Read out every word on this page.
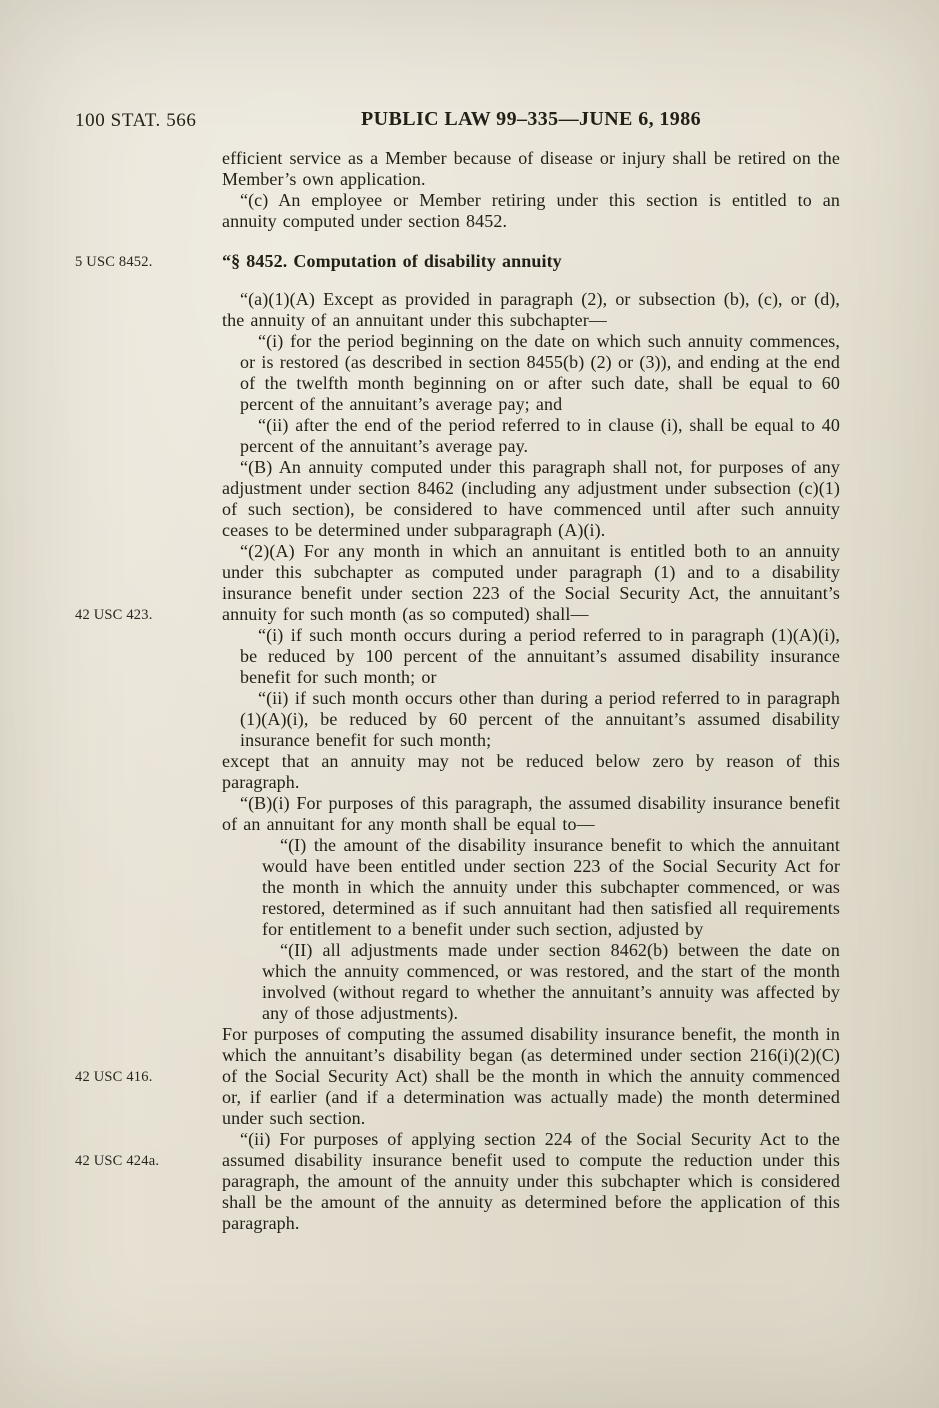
100 STAT. 566	PUBLIC LAW 99–335—JUNE 6, 1986
5 USC 8452.
42 USC 423.
42 USC 416.
42 USC 424a.

efficient service as a Member because of disease or injury shall be retired on the Member’s own application.

“(c) An employee or Member retiring under this section is entitled to an annuity computed under section 8452.

“§ 8452. Computation of disability annuity

“(a)(1)(A) Except as provided in paragraph (2), or subsection (b), (c), or (d), the annuity of an annuitant under this subchapter—

“(i) for the period beginning on the date on which such annuity commences, or is restored (as described in section 8455(b) (2) or (3)), and ending at the end of the twelfth month beginning on or after such date, shall be equal to 60 percent of the annuitant’s average pay; and

“(ii) after the end of the period referred to in clause (i), shall be equal to 40 percent of the annuitant’s average pay.

“(B) An annuity computed under this paragraph shall not, for purposes of any adjustment under section 8462 (including any adjustment under subsection (c)(1) of such section), be considered to have commenced until after such annuity ceases to be determined under subparagraph (A)(i).

“(2)(A) For any month in which an annuitant is entitled both to an annuity under this subchapter as computed under paragraph (1) and to a disability insurance benefit under section 223 of the Social Security Act, the annuitant’s annuity for such month (as so computed) shall—

“(i) if such month occurs during a period referred to in paragraph (1)(A)(i), be reduced by 100 percent of the annuitant’s assumed disability insurance benefit for such month; or

“(ii) if such month occurs other than during a period referred to in paragraph (1)(A)(i), be reduced by 60 percent of the annuitant’s assumed disability insurance benefit for such month;

except that an annuity may not be reduced below zero by reason of this paragraph.

“(B)(i) For purposes of this paragraph, the assumed disability insurance benefit of an annuitant for any month shall be equal to—

“(I) the amount of the disability insurance benefit to which the annuitant would have been entitled under section 223 of the Social Security Act for the month in which the annuity under this subchapter commenced, or was restored, determined as if such annuitant had then satisfied all requirements for entitlement to a benefit under such section, adjusted by

“(II) all adjustments made under section 8462(b) between the date on which the annuity commenced, or was restored, and the start of the month involved (without regard to whether the annuitant’s annuity was affected by any of those adjustments).

For purposes of computing the assumed disability insurance benefit, the month in which the annuitant’s disability began (as determined under section 216(i)(2)(C) of the Social Security Act) shall be the month in which the annuity commenced or, if earlier (and if a determination was actually made) the month determined under such section.

“(ii) For purposes of applying section 224 of the Social Security Act to the assumed disability insurance benefit used to compute the reduction under this paragraph, the amount of the annuity under this subchapter which is considered shall be the amount of the annuity as determined before the application of this paragraph.
